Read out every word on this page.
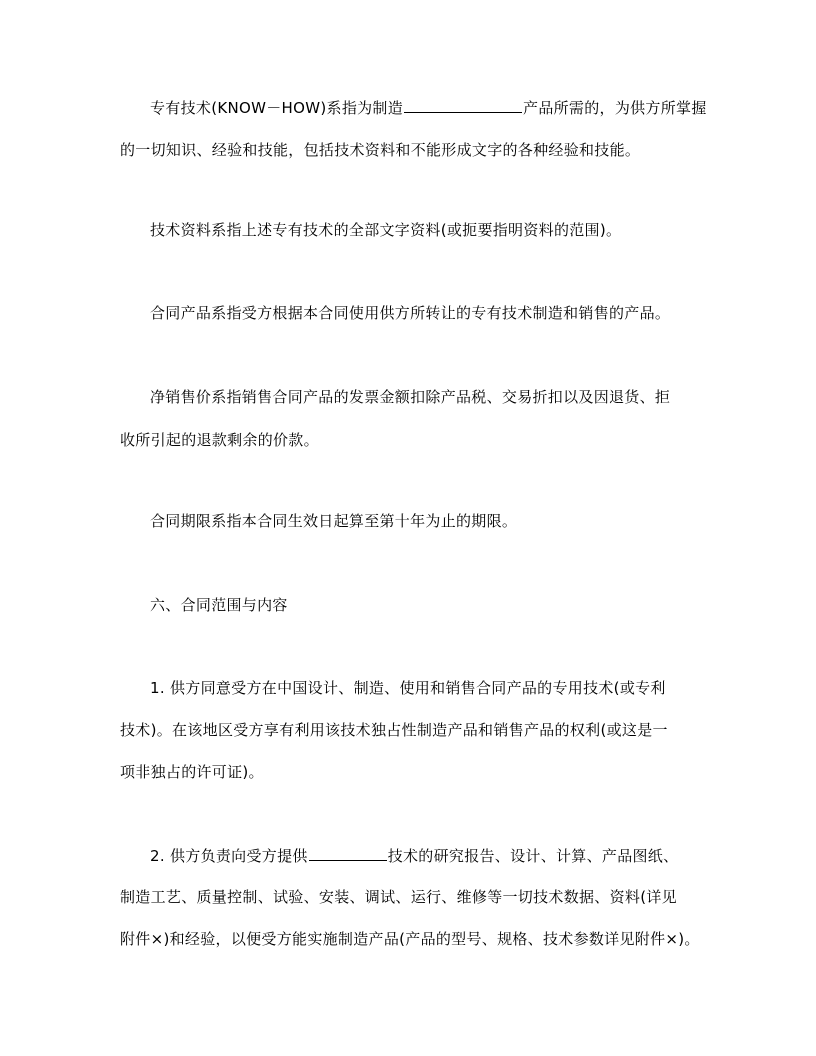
专有技术(KNOW－HOW)系指为制造	产品所需的，为供方所掌握
的一切知识、经验和技能，包括技术资料和不能形成文字的各种经验和技能。
技术资料系指上述专有技术的全部文字资料(或扼要指明资料的范围)。
合同产品系指受方根据本合同使用供方所转让的专有技术制造和销售的产品。
净销售价系指销售合同产品的发票金额扣除产品税、交易折扣以及因退货、拒
收所引起的退款剩余的价款。
合同期限系指本合同生效日起算至第十年为止的期限。
六、合同范围与内容
1. 供方同意受方在中国设计、制造、使用和销售合同产品的专用技术(或专利
技术)。在该地区受方享有利用该技术独占性制造产品和销售产品的权利(或这是一
项非独占的许可证)。
2. 供方负责向受方提供	技术的研究报告、设计、计算、产品图纸、
制造工艺、质量控制、试验、安装、调试、运行、维修等一切技术数据、资料(详见
附件×)和经验，以便受方能实施制造产品(产品的型号、规格、技术参数详见附件×)。
